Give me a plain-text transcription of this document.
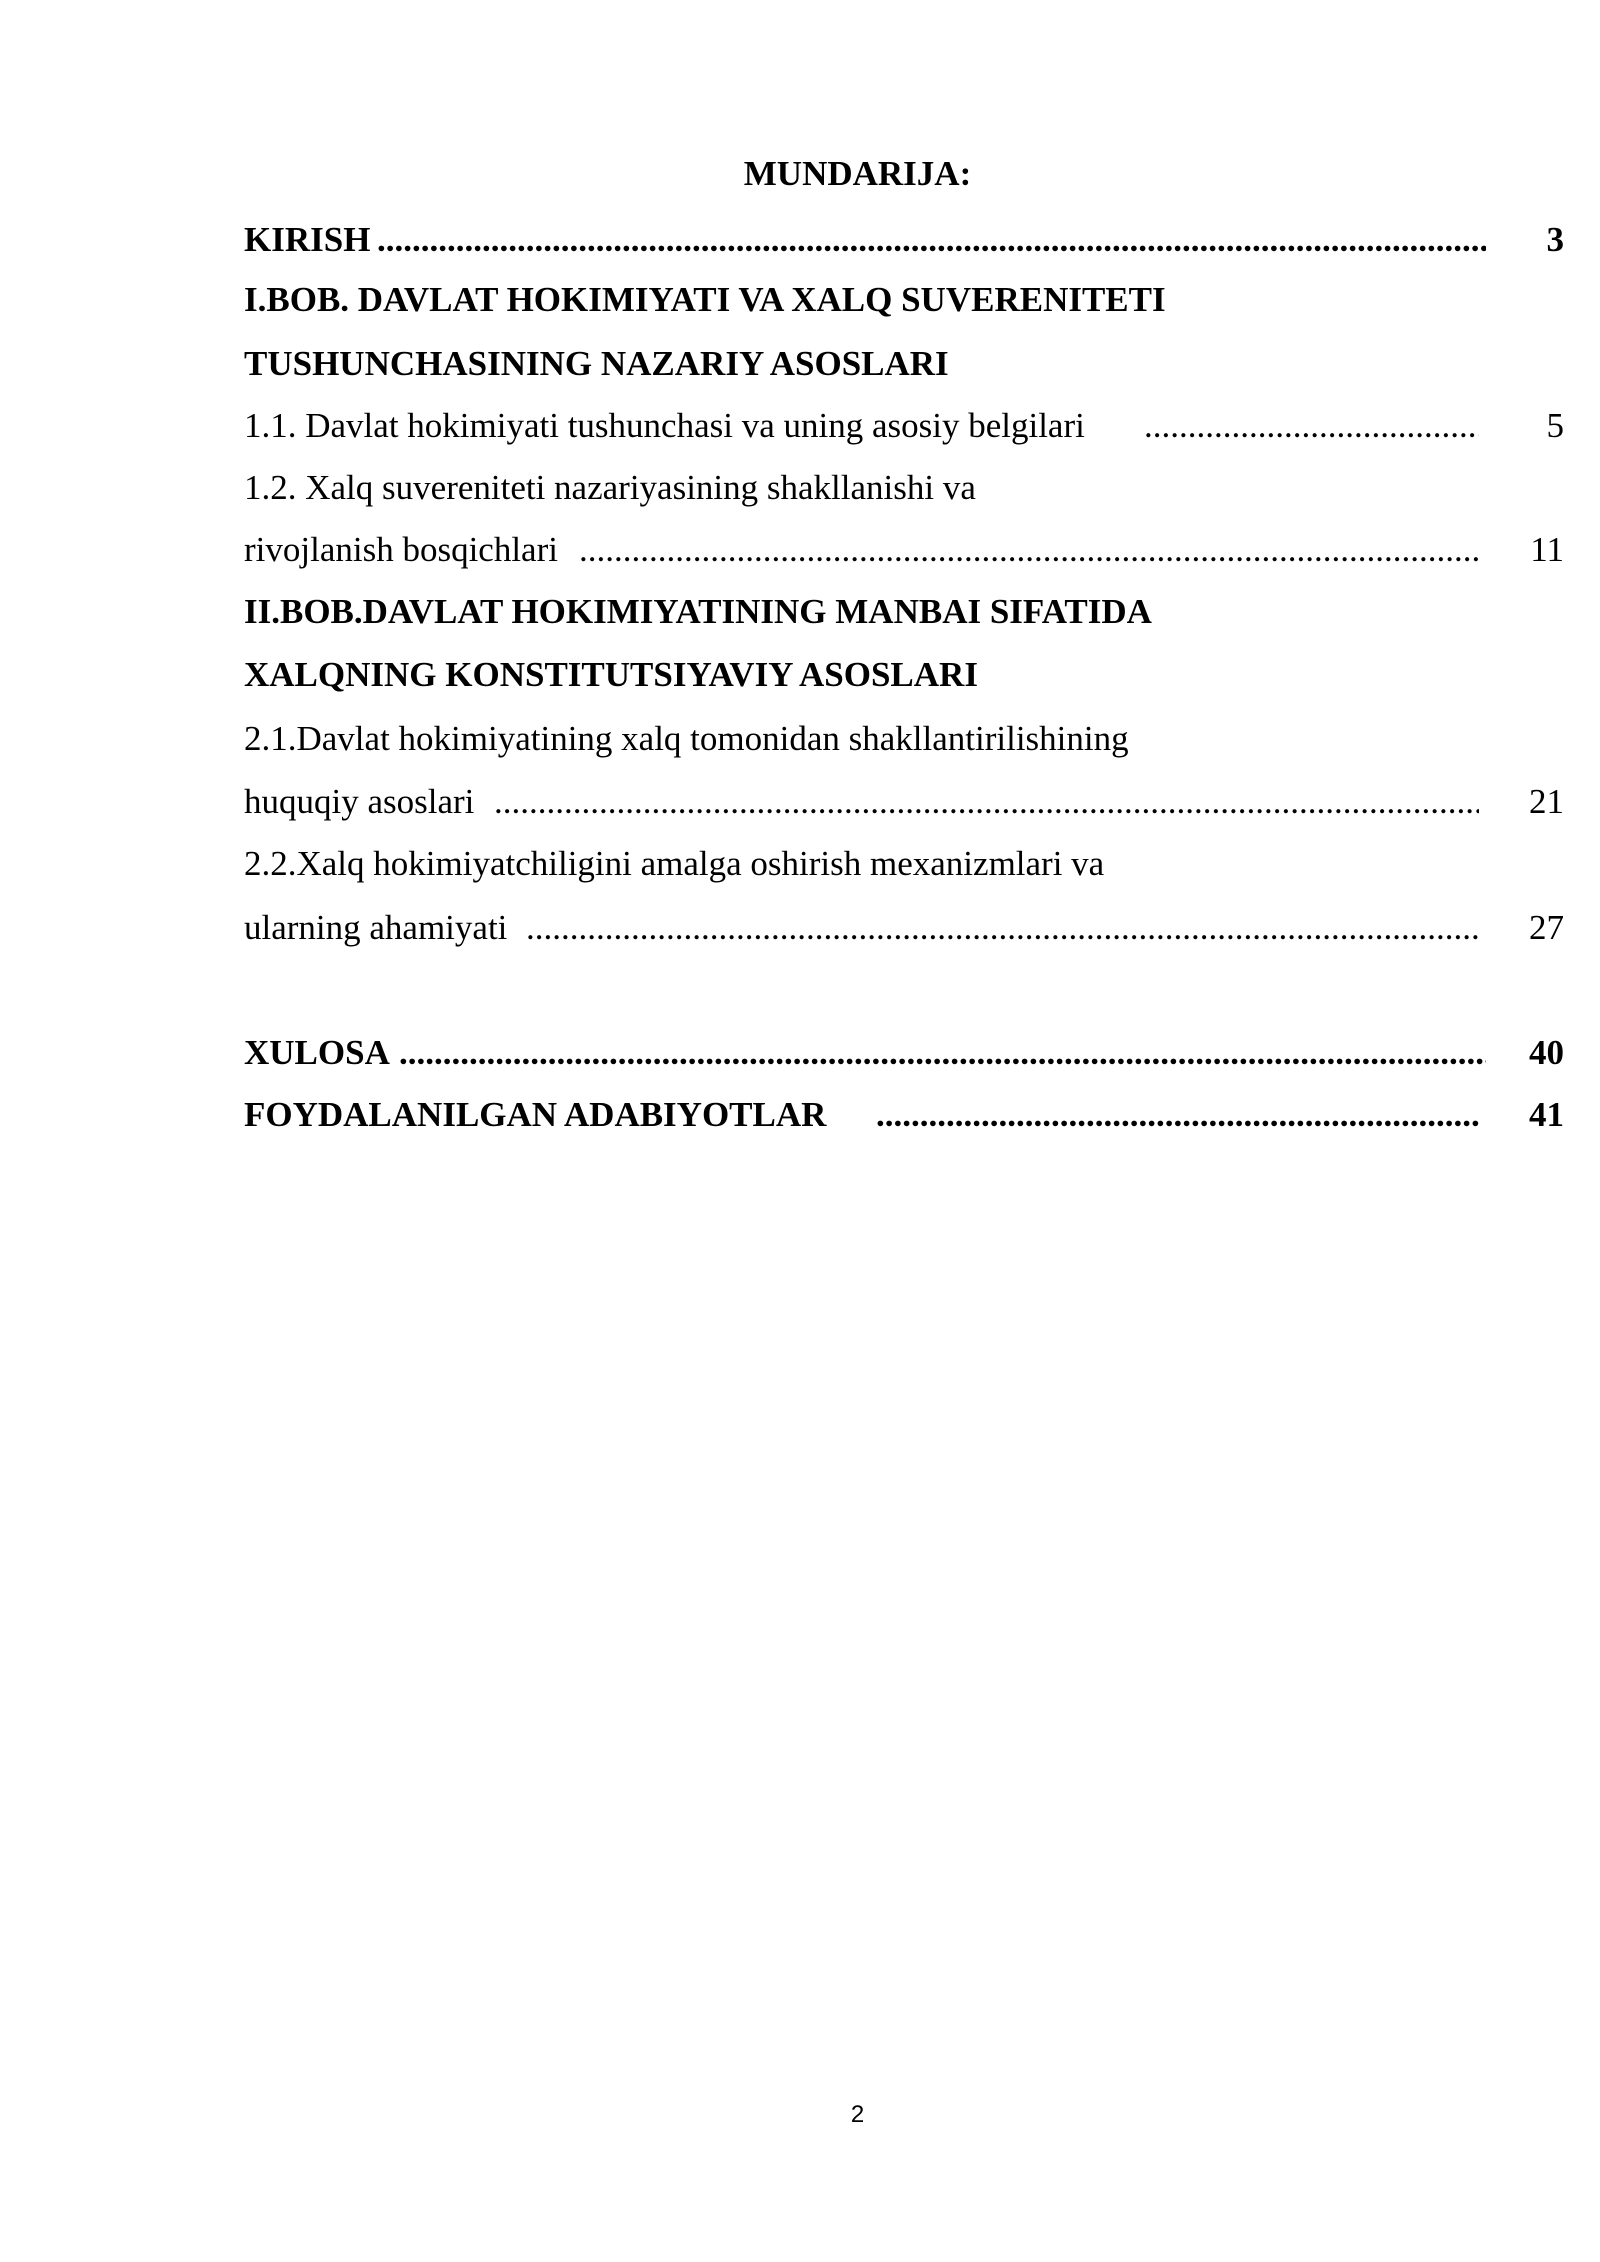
MUNDARIJA:
KIRISH .....	3
I.BOB. DAVLAT HOKIMIYATI VA XALQ SUVERENITETI
TUSHUNCHASINING NAZARIY ASOSLARI
1.1. Davlat hokimiyati tushunchasi va uning asosiy belgilari .....	5
1.2. Xalq suvereniteti nazariyasining shakllanishi va
rivojlanish bosqichlari .....	11
II.BOB.DAVLAT HOKIMIYATINING MANBAI SIFATIDA
XALQNING KONSTITUTSIYAVIY ASOSLARI
2.1.Davlat hokimiyatining xalq tomonidan shakllantirilishining
huquqiy asoslari .....	21
2.2.Xalq hokimiyatchiligini amalga oshirish mexanizmlari va
ularning ahamiyati .....	27
XULOSA .....	40
FOYDALANILGAN ADABIYOTLAR .....	41
2
